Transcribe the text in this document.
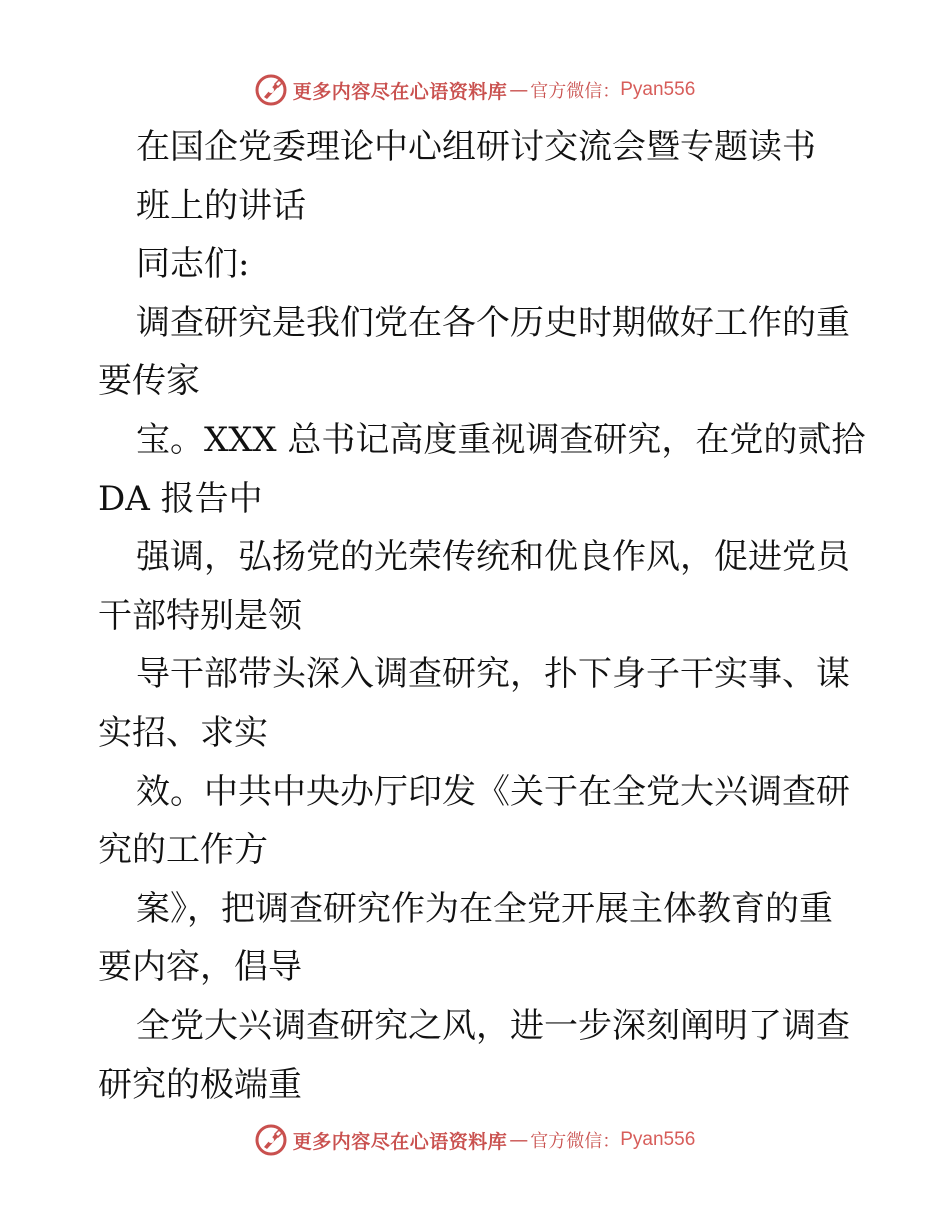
更多内容尽在心语资料库 — 官方微信： Pyan556
在国企党委理论中心组研讨交流会暨专题读书
班上的讲话
同志们:
调查研究是我们党在各个历史时期做好工作的重
要传家
宝。XXX 总书记高度重视调查研究，在党的贰拾
DA 报告中
强调，弘扬党的光荣传统和优良作风，促进党员
干部特别是领
导干部带头深入调查研究，扑下身子干实事、谋
实招、求实
效。中共中央办厅印发《关于在全党大兴调查研
究的工作方
案》，把调查研究作为在全党开展主体教育的重
要内容，倡导
全党大兴调查研究之风，进一步深刻阐明了调查
研究的极端重
更多内容尽在心语资料库 — 官方微信： Pyan556
